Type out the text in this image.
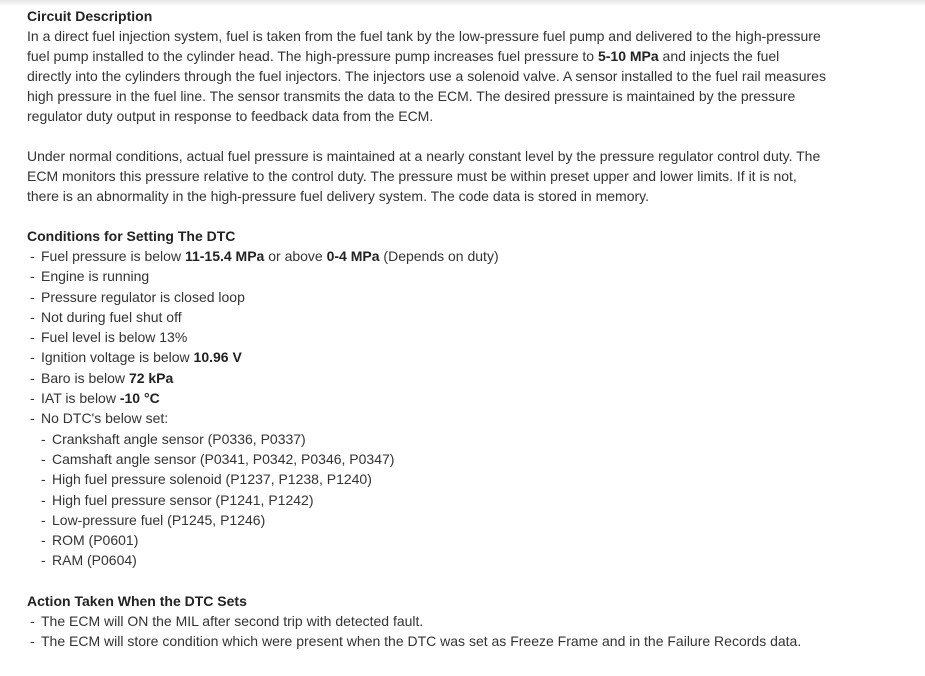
Circuit Description

In a direct fuel injection system, fuel is taken from the fuel tank by the low-pressure fuel pump and delivered to the high-pressure fuel pump installed to the cylinder head. The high-pressure pump increases fuel pressure to 5-10 MPa and injects the fuel directly into the cylinders through the fuel injectors. The injectors use a solenoid valve. A sensor installed to the fuel rail measures high pressure in the fuel line. The sensor transmits the data to the ECM. The desired pressure is maintained by the pressure regulator duty output in response to feedback data from the ECM.

Under normal conditions, actual fuel pressure is maintained at a nearly constant level by the pressure regulator control duty. The ECM monitors this pressure relative to the control duty. The pressure must be within preset upper and lower limits. If it is not, there is an abnormality in the high-pressure fuel delivery system. The code data is stored in memory.

Conditions for Setting The DTC
- Fuel pressure is below 11-15.4 MPa or above 0-4 MPa (Depends on duty)
- Engine is running
- Pressure regulator is closed loop
- Not during fuel shut off
- Fuel level is below 13%
- Ignition voltage is below 10.96 V
- Baro is below 72 kPa
- IAT is below -10 °C
- No DTC's below set:
- Crankshaft angle sensor (P0336, P0337)
- Camshaft angle sensor (P0341, P0342, P0346, P0347)
- High fuel pressure solenoid (P1237, P1238, P1240)
- High fuel pressure sensor (P1241, P1242)
- Low-pressure fuel (P1245, P1246)
- ROM (P0601)
- RAM (P0604)
Action Taken When the DTC Sets
- The ECM will ON the MIL after second trip with detected fault.
- The ECM will store condition which were present when the DTC was set as Freeze Frame and in the Failure Records data.
